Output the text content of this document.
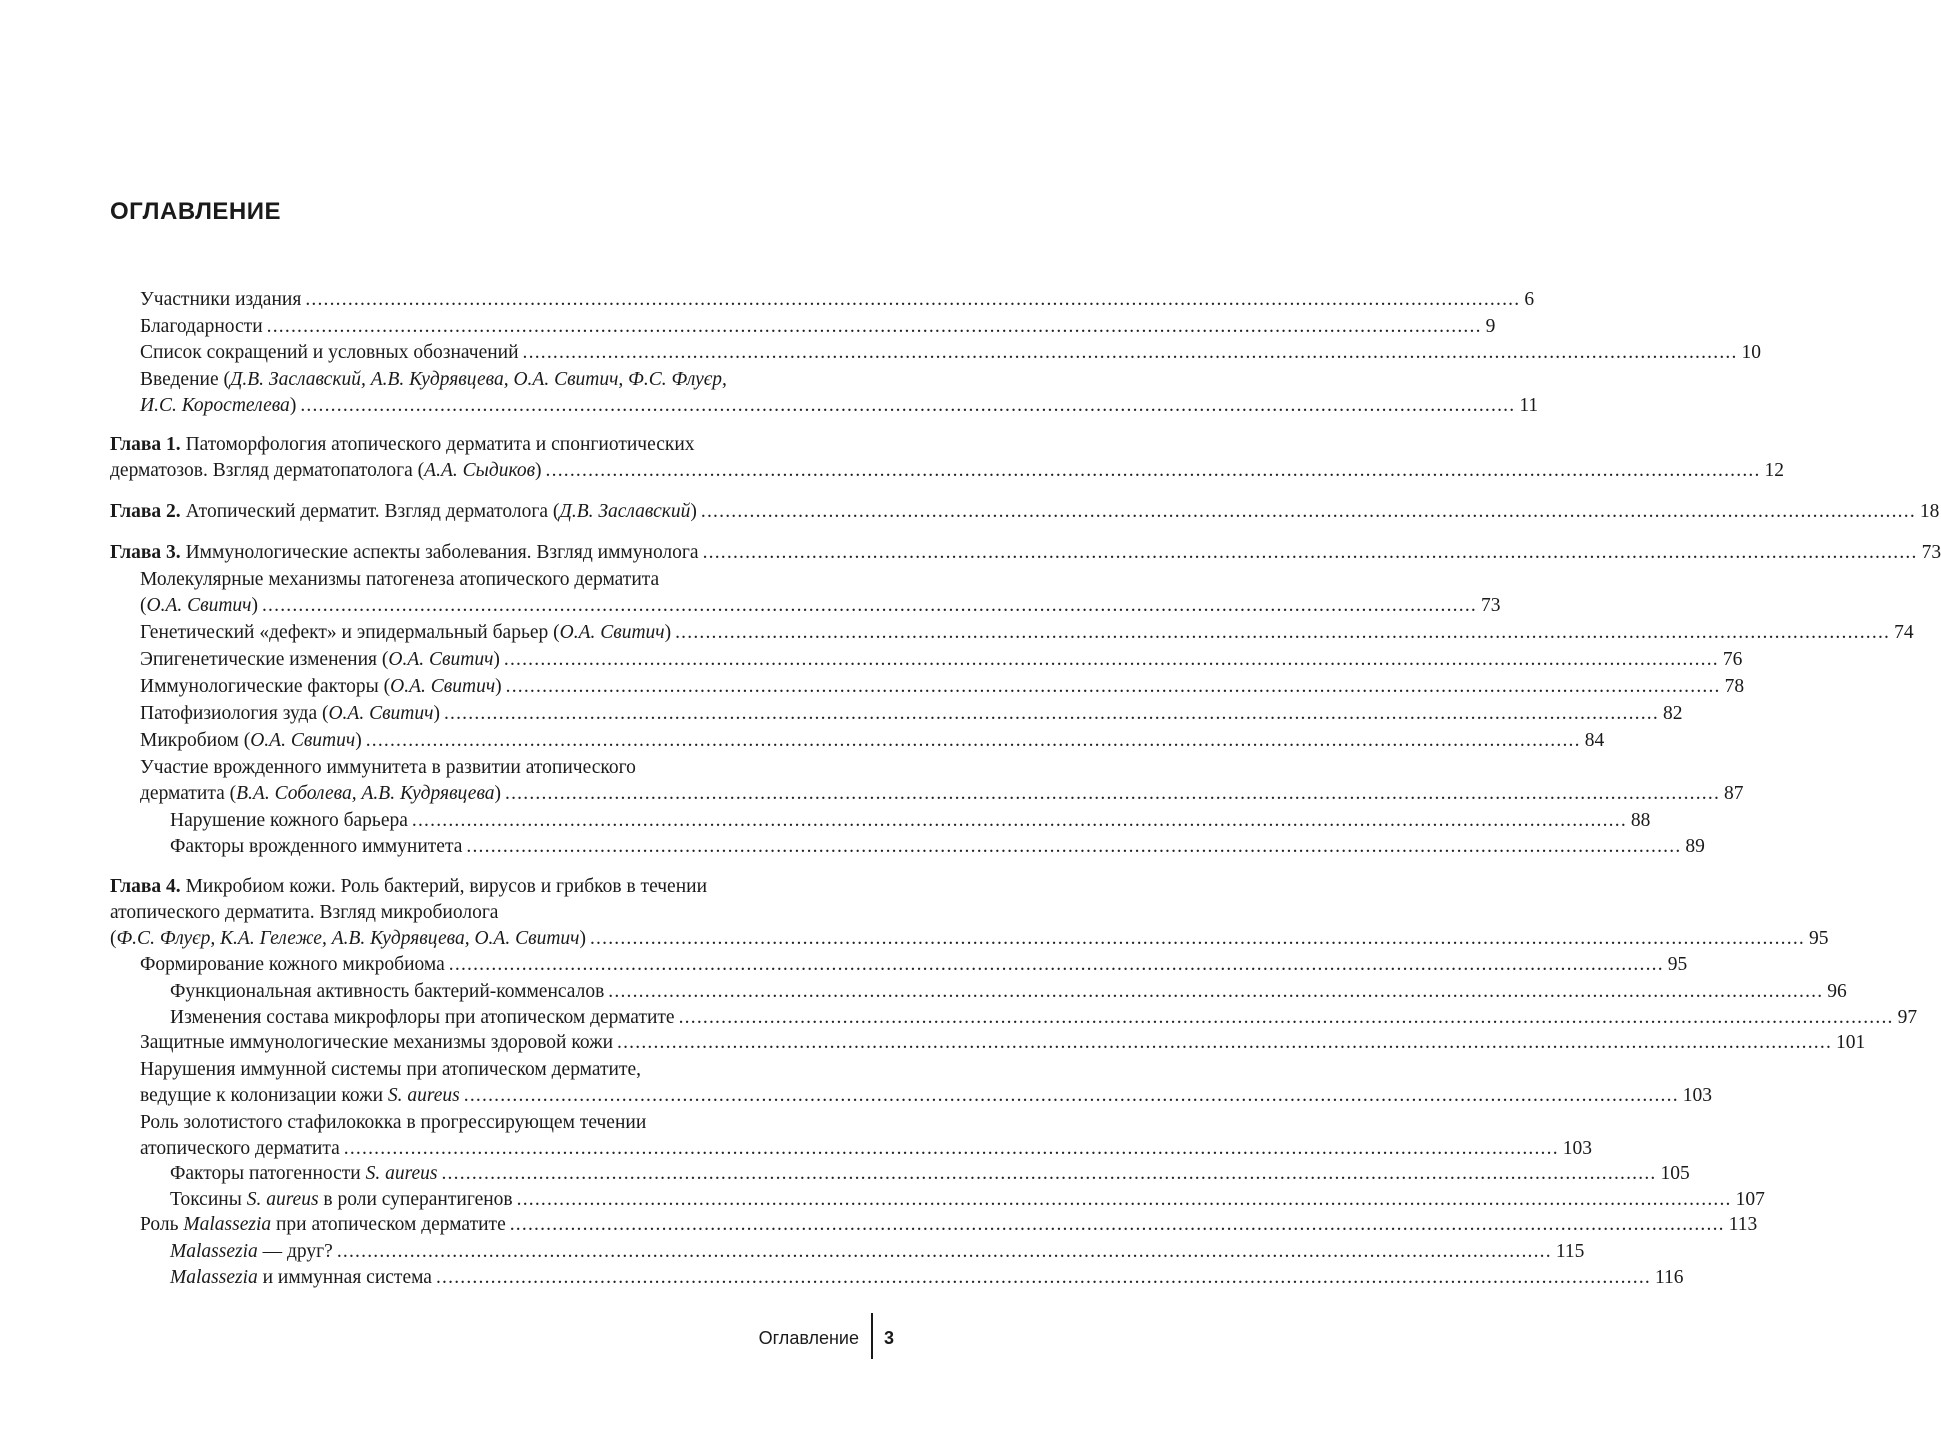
ОГЛАВЛЕНИЕ
Участники издания ........................................................................................................................................................................................................ 6
Благодарности ........................................................................................................................................................................................................ 9
Список сокращений и условных обозначений ........................................................................................................................................................................................................ 10
Введение (Д.В. Заславский, А.В. Кудрявцева, О.А. Свитич, Ф.С. Флуєр,
И.С. Коростелева) ........................................................................................................................................................................................................ 11
Глава 1. Патоморфология атопического дерматита и спонгиотических
дерматозов. Взгляд дерматопатолога (А.А. Сыдиков) ........................................................................................................................................................................................................ 12
Глава 2. Атопический дерматит. Взгляд дерматолога (Д.В. Заславский) ........................................................................................................................................................................................................ 18
Глава 3. Иммунологические аспекты заболевания. Взгляд иммунолога ........................................................................................................................................................................................................ 73
Молекулярные механизмы патогенеза атопического дерматита
(О.А. Свитич) ........................................................................................................................................................................................................ 73
Генетический «дефект» и эпидермальный барьер (О.А. Свитич) ........................................................................................................................................................................................................ 74
Эпигенетические изменения (О.А. Свитич) ........................................................................................................................................................................................................ 76
Иммунологические факторы (О.А. Свитич) ........................................................................................................................................................................................................ 78
Патофизиология зуда (О.А. Свитич) ........................................................................................................................................................................................................ 82
Микробиом (О.А. Свитич) ........................................................................................................................................................................................................ 84
Участие врожденного иммунитета в развитии атопического
дерматита (В.А. Соболева, А.В. Кудрявцева) ........................................................................................................................................................................................................ 87
Нарушение кожного барьера ........................................................................................................................................................................................................ 88
Факторы врожденного иммунитета ........................................................................................................................................................................................................ 89
Глава 4. Микробиом кожи. Роль бактерий, вирусов и грибков в течении
атопического дерматита. Взгляд микробиолога
(Ф.С. Флуєр, К.А. Гележе, А.В. Кудрявцева, О.А. Свитич) ........................................................................................................................................................................................................ 95
Формирование кожного микробиома ........................................................................................................................................................................................................ 95
Функциональная активность бактерий-комменсалов ........................................................................................................................................................................................................ 96
Изменения состава микрофлоры при атопическом дерматите ........................................................................................................................................................................................................ 97
Защитные иммунологические механизмы здоровой кожи ........................................................................................................................................................................................................ 101
Нарушения иммунной системы при атопическом дерматите,
ведущие к колонизации кожи S. aureus ........................................................................................................................................................................................................ 103
Роль золотистого стафилококка в прогрессирующем течении
атопического дерматита ........................................................................................................................................................................................................ 103
Факторы патогенности S. aureus ........................................................................................................................................................................................................ 105
Токсины S. aureus в роли суперантигенов ........................................................................................................................................................................................................ 107
Роль Malassezia при атопическом дерматите ........................................................................................................................................................................................................ 113
Malassezia — друг? ........................................................................................................................................................................................................ 115
Malassezia и иммунная система ........................................................................................................................................................................................................ 116
Оглавление 3
